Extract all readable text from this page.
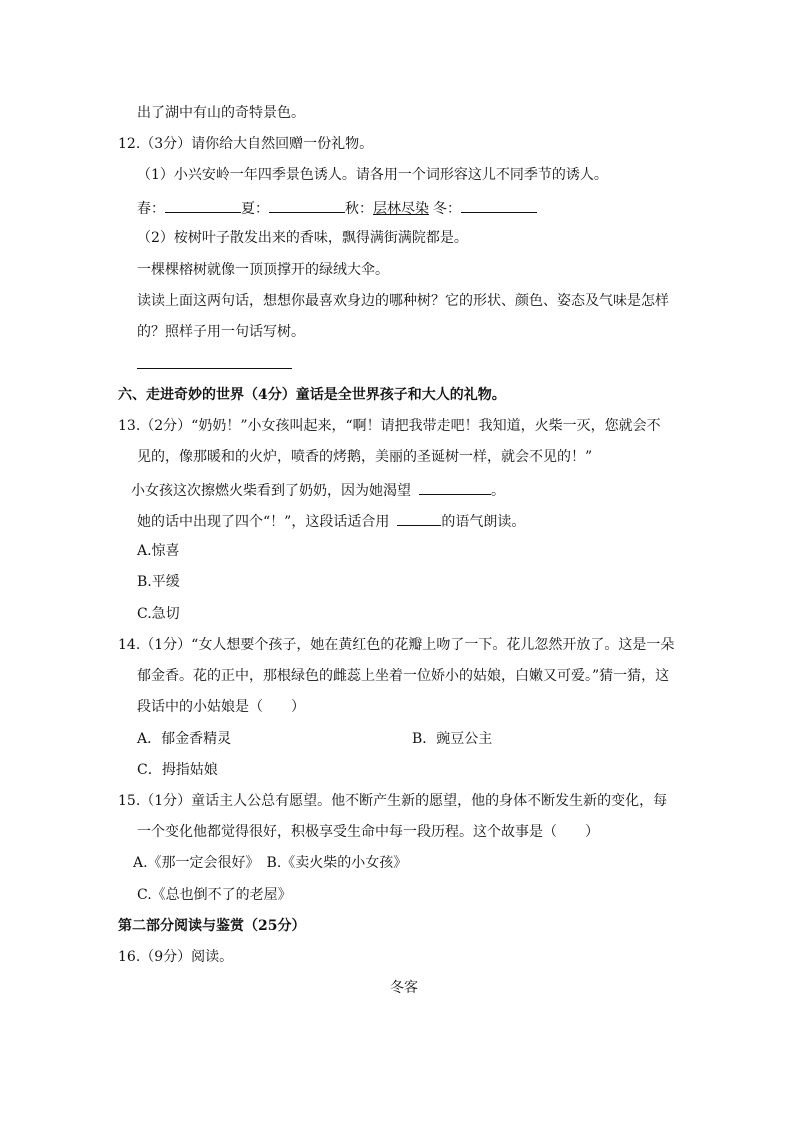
出了湖中有山的奇特景色。
12.（3分）请你给大自然回赠一份礼物。
（1）小兴安岭一年四季景色诱人。请各用一个词形容这儿不同季节的诱人。
春：	夏：	秋：层林尽染 冬：
（2）桉树叶子散发出来的香味，飘得满街满院都是。
一棵棵榕树就像一顶顶撑开的绿绒大伞。
读读上面这两句话，想想你最喜欢身边的哪种树？它的形状、颜色、姿态及气味是怎样
的？照样子用一句话写树。
六、走进奇妙的世界（4分）童话是全世界孩子和大人的礼物。
13.（2分）“奶奶！”小女孩叫起来，“啊！请把我带走吧！我知道，火柴一灭，您就会不
见的，像那暖和的火炉，喷香的烤鹅，美丽的圣诞树一样，就会不见的！”
小女孩这次擦燃火柴看到了奶奶，因为她渴望	。
她的话中出现了四个“！”，这段话适合用	的语气朗读。
A.惊喜
B.平缓
C.急切
14.（1分）“女人想要个孩子，她在黄红色的花瓣上吻了一下。花儿忽然开放了。这是一朵
郁金香。花的正中，那根绿色的雌蕊上坐着一位娇小的姑娘，白嫩又可爱。”猜一猜，这
段话中的小姑娘是（　　）
A．郁金香精灵	B．豌豆公主
C．拇指姑娘
15.（1分）童话主人公总有愿望。他不断产生新的愿望，他的身体不断发生新的变化，每
一个变化他都觉得很好，积极享受生命中每一段历程。这个故事是（　　）
A.《那一定会很好》　B.《卖火柴的小女孩》
C.《总也倒不了的老屋》
第二部分阅读与鉴赏（25分）
16.（9分）阅读。
冬客
